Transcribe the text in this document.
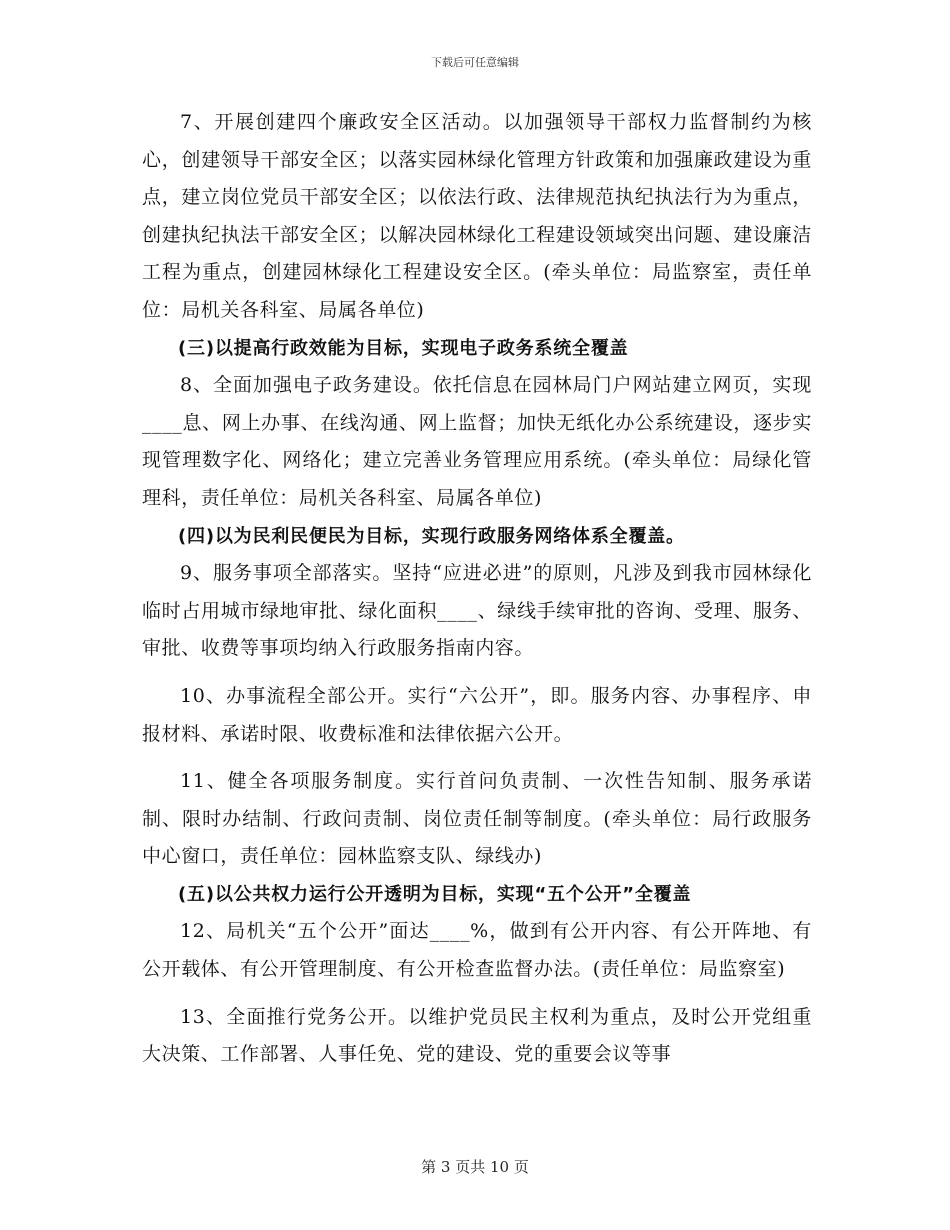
下载后可任意编辑

7、开展创建四个廉政安全区活动。以加强领导干部权力监督制约为核心，创建领导干部安全区；以落实园林绿化管理方针政策和加强廉政建设为重点，建立岗位党员干部安全区；以依法行政、法律规范执纪执法行为为重点，创建执纪执法干部安全区；以解决园林绿化工程建设领域突出问题、建设廉洁工程为重点，创建园林绿化工程建设安全区。(牵头单位：局监察室，责任单位：局机关各科室、局属各单位)

(三)以提高行政效能为目标，实现电子政务系统全覆盖

8、全面加强电子政务建设。依托信息在园林局门户网站建立网页，实现____息、网上办事、在线沟通、网上监督；加快无纸化办公系统建设，逐步实现管理数字化、网络化；建立完善业务管理应用系统。(牵头单位：局绿化管理科，责任单位：局机关各科室、局属各单位)

(四)以为民利民便民为目标，实现行政服务网络体系全覆盖。

9、服务事项全部落实。坚持“应进必进”的原则，凡涉及到我市园林绿化临时占用城市绿地审批、绿化面积____、绿线手续审批的咨询、受理、服务、审批、收费等事项均纳入行政服务指南内容。

10、办事流程全部公开。实行“六公开”，即。服务内容、办事程序、申报材料、承诺时限、收费标准和法律依据六公开。

11、健全各项服务制度。实行首问负责制、一次性告知制、服务承诺制、限时办结制、行政问责制、岗位责任制等制度。(牵头单位：局行政服务中心窗口，责任单位：园林监察支队、绿线办)

(五)以公共权力运行公开透明为目标，实现“五个公开”全覆盖

12、局机关“五个公开”面达____%，做到有公开内容、有公开阵地、有公开载体、有公开管理制度、有公开检查监督办法。(责任单位：局监察室)

13、全面推行党务公开。以维护党员民主权利为重点，及时公开党组重大决策、工作部署、人事任免、党的建设、党的重要会议等事

第 3 页共 10 页
